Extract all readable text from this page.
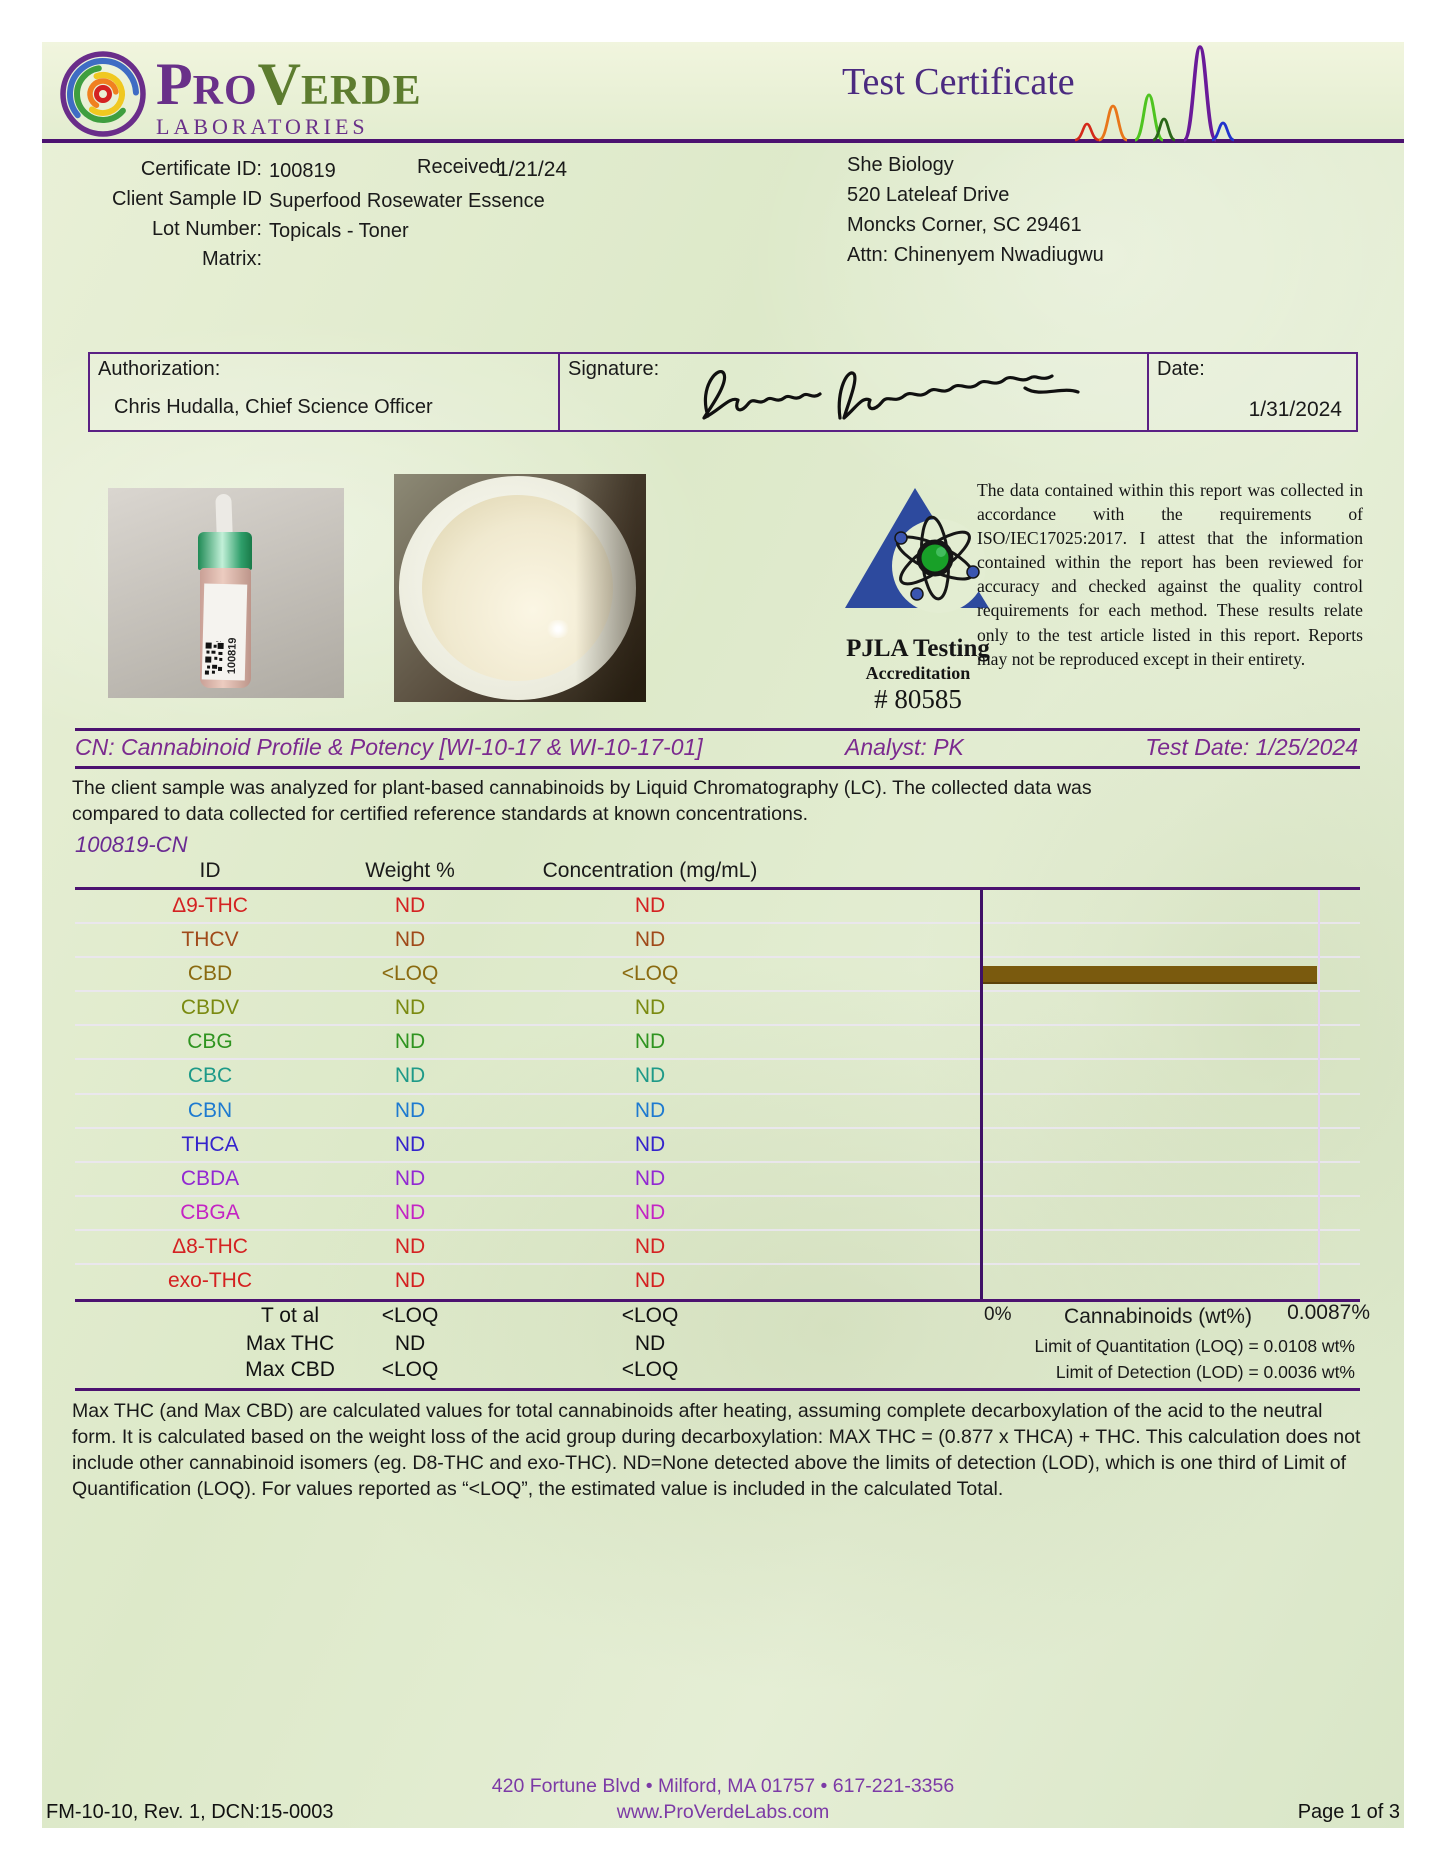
PROVERDE
LABORATORIES
Test Certificate
Certificate ID: 100819	Received:
1/21/24
Client Sample ID Superfood Rosewater Essence
Lot Number: Topicals - Toner
Matrix:
She Biology
520 Lateleaf Drive
Moncks Corner, SC 29461
Attn: Chinenyem Nwadiugwu
Authorization:
Chris Hudalla, Chief Science Officer
Signature:	Date:
1/31/2024
100819	PJLA Testing
Accreditation
# 80585
The data contained within this report was collected in accordance with the requirements of ISO/IEC17025:2017. I attest that the information contained within the report has been reviewed for accuracy and checked against the quality control requirements for each method. These results relate only to the test article listed in this report. Reports may not be reproduced except in their entirety.
CN: Cannabinoid Profile & Potency [WI-10-17 & WI-10-17-01]	Analyst: PK	Test Date: 1/25/2024
The client sample was analyzed for plant-based cannabinoids by Liquid Chromatography (LC). The collected data was compared to data collected for certified reference standards at known concentrations.
100819-CN
ID	Weight %	Concentration (mg/mL)
Δ9-THC	ND	ND
THCV	ND	ND
CBD	<LOQ	<LOQ
CBDV	ND	ND
CBG	ND	ND
CBC	ND	ND
CBN	ND	ND
THCA	ND	ND
CBDA	ND	ND
CBGA	ND	ND
Δ8-THC	ND	ND
exo-THC	ND	ND
T ot al	<LOQ	<LOQ
Max THC	ND	ND
Max CBD <LOQ	<LOQ
0%	Cannabinoids (wt%) 0.0087%
Limit of Quantitation (LOQ) = 0.0108 wt%
Limit of Detection (LOD) = 0.0036 wt%
Max THC (and Max CBD) are calculated values for total cannabinoids after heating, assuming complete decarboxylation of the acid to the neutral form. It is calculated based on the weight loss of the acid group during decarboxylation: MAX THC = (0.877 x THCA) + THC. This calculation does not include other cannabinoid isomers (eg. D8-THC and exo-THC). ND=None detected above the limits of detection (LOD), which is one third of Limit of Quantification (LOQ). For values reported as “<LOQ”, the estimated value is included in the calculated Total.
420 Fortune Blvd • Milford, MA 01757 • 617-221-3356
www.ProVerdeLabs.com
FM-10-10, Rev. 1, DCN:15-0003	Page 1 of 3
